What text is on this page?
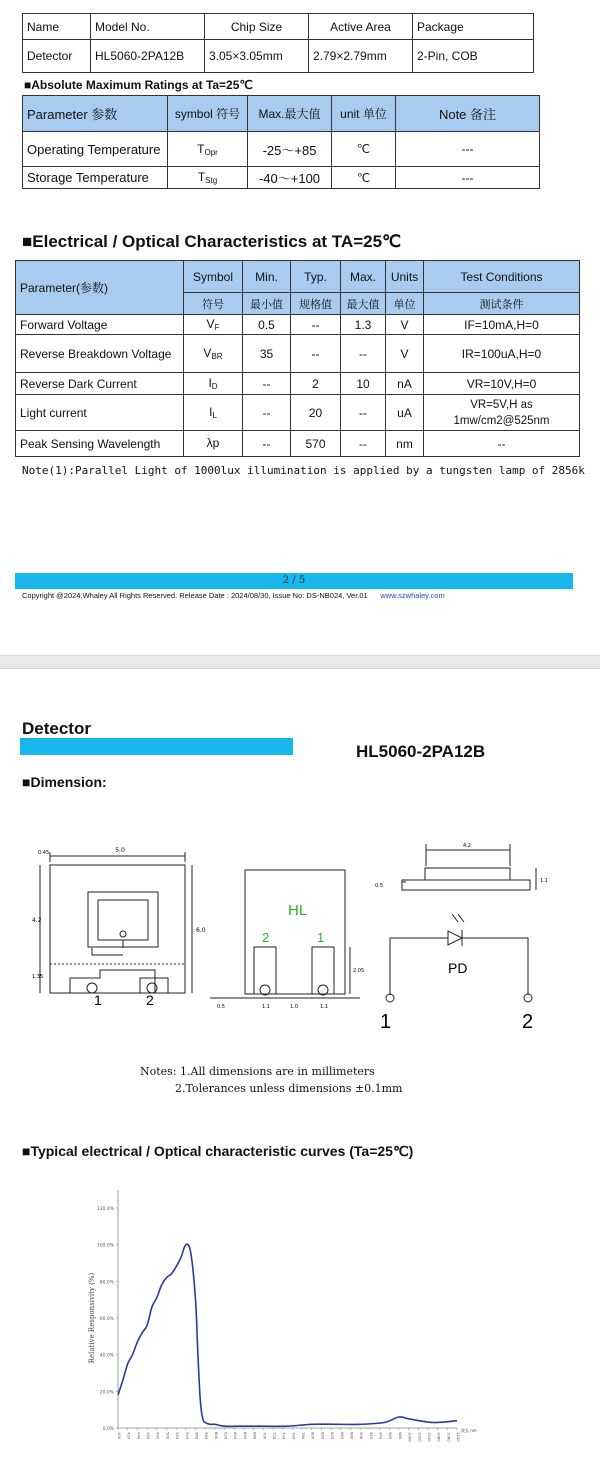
Name	Model No.	Chip Size	Active Area	Package
Detector	HL5060-2PA12B	3.05×3.05mm	2.79×2.79mm	2-Pin, COB
■Absolute Maximum Ratings at Ta=25℃
Parameter 参数	symbol 符号	Max.最大值	unit 单位	Note 备注
Operating Temperature	$T_{Opr}$	-25～+85	℃	---
Storage Temperature	$T_{Stg}$	-40～+100	℃	---
■Electrical / Optical Characteristics at TA=25℃
Parameter(参数)	Symbol	Min.	Typ.	Max.	Units	Test Conditions
	符号	最小值	规格值	最大值	单位	测试条件
Forward Voltage	$V_F$	0.5	--	1.3	V	IF=10mA,H=0
Reverse Breakdown Voltage	$V_{BR}$	35	--	--	V	IR=100uA,H=0
Reverse Dark Current	$I_D$	--	2	10	nA	VR=10V,H=0
Light current	$I_L$	--	20	--	uA	VR=5V,H as 1mw/cm2@525nm
Peak Sensing Wavelength	λp	--	570	--	nm	--
Note(1):Parallel Light of 1000lux illumination is applied by a tungsten lamp of 2856k
2 / 5
Copyright @2024,Whaley All Rights Reserved. Release Date : 2024/08/30, Issue No: DS-NB024, Ver.01 www.szwhaley.com
Detector
HL5060-2PA12B
■Dimension:
5.0
0.45
4.2
1.35
6.0
1	2
HL
2	1
2.05
0.5	1.1	1.0	1.1
4.2
0.5
1.1
PD
1	2
Notes: 1.All dimensions are in millimeters
2.Tolerances unless dimensions ±0.1mm
■Typical electrical / Optical characteristic curves (Ta=25℃)
0.0%
20.0%
40.0%
60.0%
80.0%
100.0%
120.0%
400 420 440 460 480 500 520 540 560 580 600 620 640 660 680 700 720 740 760 780 800 820 840 860 880 900 920 940 960 980 1000 1020 1040 1060 1080 1100
Relative Responsivity (%)
波长 nm
